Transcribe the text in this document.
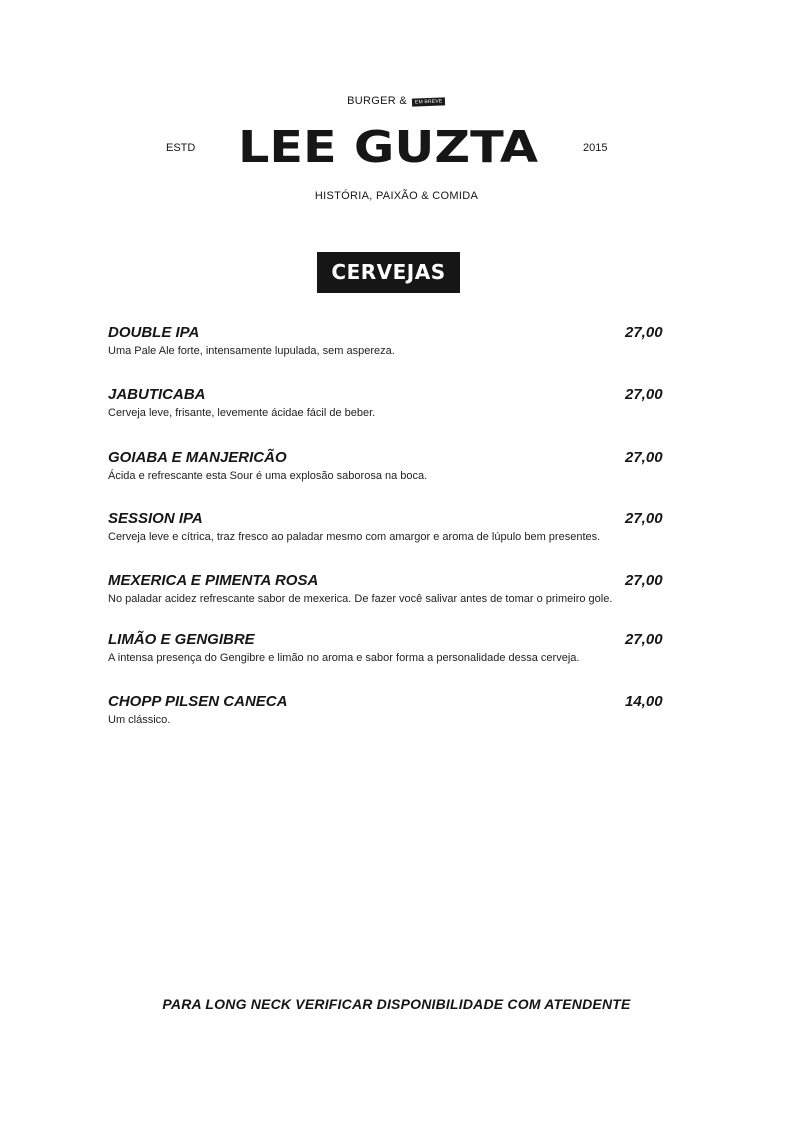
BURGER & EM BREVE
ESTD LEE GUZTA	2015
HISTÓRIA, PAIXÃO & COMIDA
CERVEJAS
DOUBLE IPA	27,00
Uma Pale Ale forte, intensamente lupulada, sem aspereza.
JABUTICABA	27,00
Cerveja leve, frisante, levemente ácidae fácil de beber.
GOIABA E MANJERICÃO	27,00
Ácida e refrescante esta Sour é uma explosão saborosa na boca.
SESSION IPA	27,00
Cerveja leve e cítrica, traz fresco ao paladar mesmo com amargor e aroma de lúpulo bem presentes.
MEXERICA E PIMENTA ROSA	27,00
No paladar acidez refrescante sabor de mexerica. De fazer você salivar antes de tomar o primeiro gole.
LIMÃO E GENGIBRE	27,00
A intensa presença do Gengibre e limão no aroma e sabor forma a personalidade dessa cerveja.
CHOPP PILSEN CANECA	14,00
Um clássico.
PARA LONG NECK VERIFICAR DISPONIBILIDADE COM ATENDENTE
